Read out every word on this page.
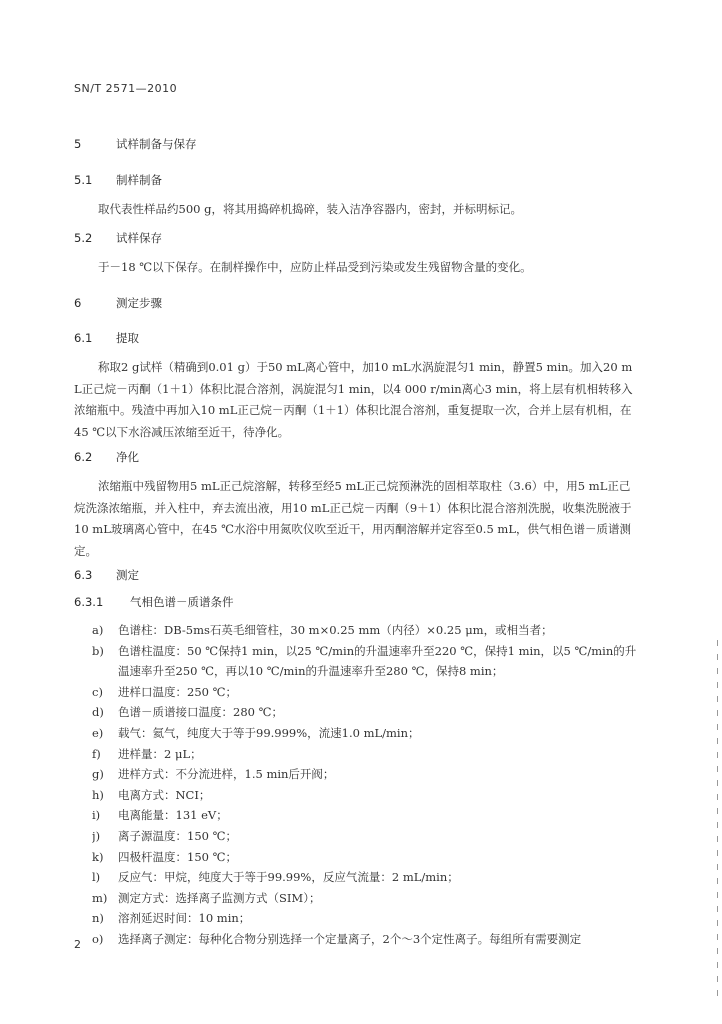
SN/T 2571—2010
5	试样制备与保存
5.1 制样制备
取代表性样品约500 g，将其用捣碎机捣碎，装入洁净容器内，密封，并标明标记。
5.2 试样保存
于－18 ℃以下保存。在制样操作中，应防止样品受到污染或发生残留物含量的变化。
6	测定步骤
6.1 提取
称取2 g试样（精确到0.01 g）于50 mL离心管中，加10 mL水涡旋混匀1 min，静置5 min。加入20 mL正己烷－丙酮（1＋1）体积比混合溶剂，涡旋混匀1 min，以4 000 r/min离心3 min，将上层有机相转移入浓缩瓶中。残渣中再加入10 mL正己烷－丙酮（1＋1）体积比混合溶剂，重复提取一次，合并上层有机相，在45 ℃以下水浴减压浓缩至近干，待净化。
6.2 净化
浓缩瓶中残留物用5 mL正己烷溶解，转移至经5 mL正己烷预淋洗的固相萃取柱（3.6）中，用5 mL正己烷洗涤浓缩瓶，并入柱中，弃去流出液，用10 mL正己烷－丙酮（9＋1）体积比混合溶剂洗脱，收集洗脱液于10 mL玻璃离心管中，在45 ℃水浴中用氮吹仪吹至近干，用丙酮溶解并定容至0.5 mL，供气相色谱－质谱测定。
6.3 测定
6.3.1 气相色谱－质谱条件
a)	色谱柱：DB-5ms石英毛细管柱，30 m×0.25 mm（内径）×0.25 μm，或相当者；
b)	色谱柱温度：50 ℃保持1 min，以25 ℃/min的升温速率升至220 ℃，保持1 min，以5 ℃/min的升温速率升至250 ℃，再以10 ℃/min的升温速率升至280 ℃，保持8 min；
c)	进样口温度：250 ℃；
d)	色谱－质谱接口温度：280 ℃；
e)	载气：氦气，纯度大于等于99.999%，流速1.0 mL/min；
f)	进样量：2 μL；
g)	进样方式：不分流进样，1.5 min后开阀；
h)	电离方式：NCI；
i)	电离能量：131 eV；
j)	离子源温度：150 ℃；
k)	四极杆温度：150 ℃；
l)	反应气：甲烷，纯度大于等于99.99%，反应气流量：2 mL/min；
m) 测定方式：选择离子监测方式（SIM）；
n)	溶剂延迟时间：10 min；
o)	选择离子测定：每种化合物分别选择一个定量离子，2个～3个定性离子。每组所有需要测定
2
